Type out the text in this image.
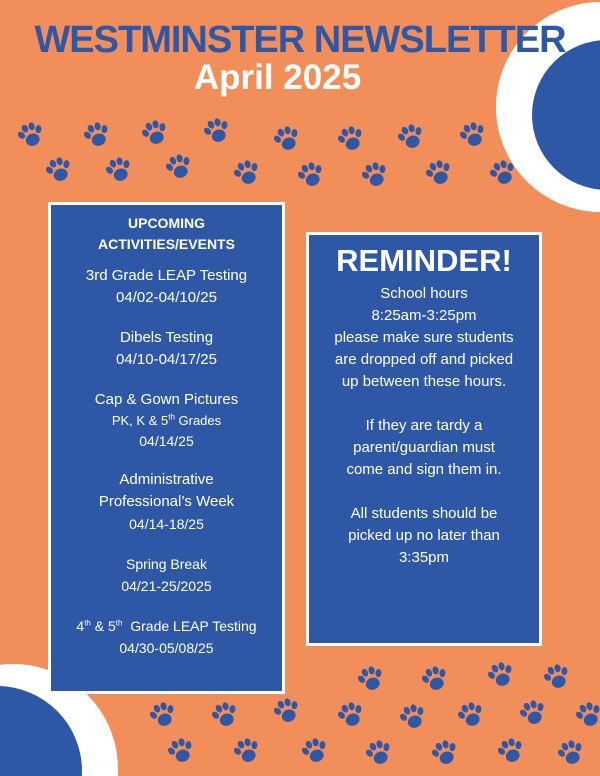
WESTMINSTER NEWSLETTER
April 2025
UPCOMING
ACTIVITIES/EVENTS
3rd Grade LEAP Testing
04/02-04/10/25
Dibels Testing
04/10-04/17/25
Cap & Gown Pictures
PK, K & 5th Grades
04/14/25
Administrative
Professional’s Week
04/14-18/25
Spring Break
04/21-25/2025
4th & 5th  Grade LEAP Testing
04/30-05/08/25
REMINDER!

School hours

8:25am-3:25pm

please make sure students

are dropped off and picked

up between these hours.

If they are tardy a

parent/guardian must

come and sign them in.

All students should be

picked up no later than

3:35pm
